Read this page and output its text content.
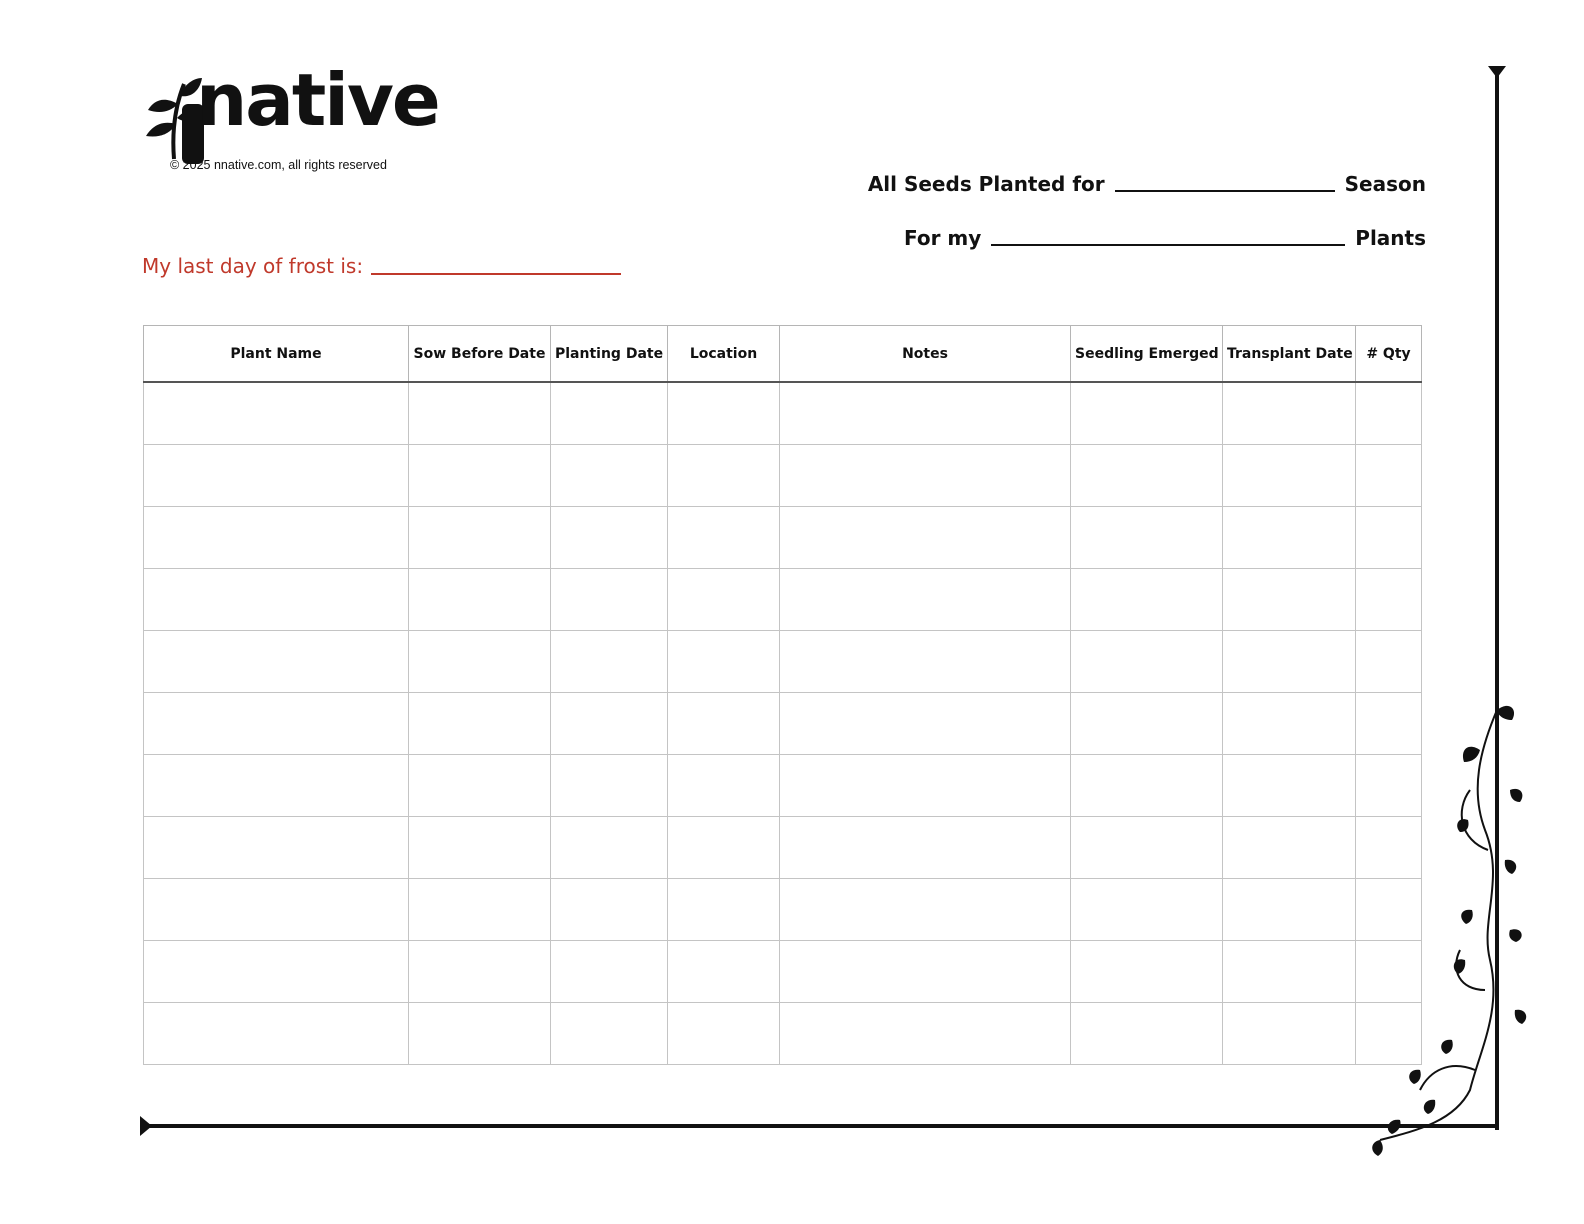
native
© 2025 nnative.com, all rights reserved
All Seeds Planted for	Season
For my	Plants
My last day of frost is:
Plant Name	Sow Before Date	Planting Date	Location	Notes	Seedling Emerged	Transplant Date	# Qty
